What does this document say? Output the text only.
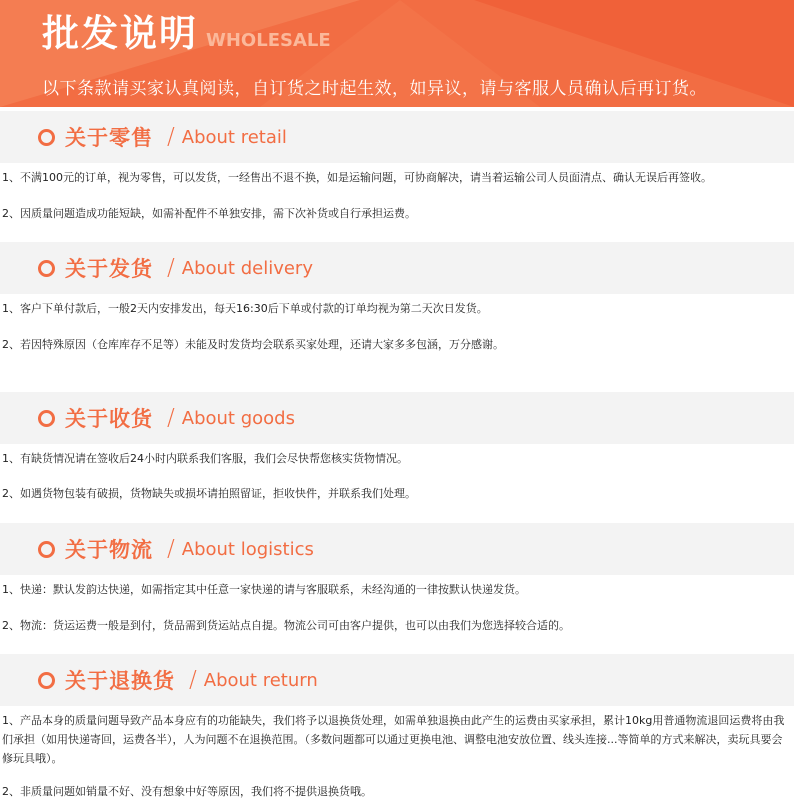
批发说明 WHOLESALE
以下条款请买家认真阅读，自订货之时起生效，如异议，请与客服人员确认后再订货。
关于零售 / About retail
1、不满100元的订单，视为零售，可以发货，一经售出不退不换，如是运输问题，可协商解决，请当着运输公司人员面清点、确认无误后再签收。
2、因质量问题造成功能短缺，如需补配件不单独安排，需下次补货或自行承担运费。
关于发货 / About delivery
1、客户下单付款后，一般2天内安排发出，每天16:30后下单或付款的订单均视为第二天次日发货。
2、若因特殊原因（仓库库存不足等）未能及时发货均会联系买家处理，还请大家多多包涵，万分感谢。
关于收货 / About goods
1、有缺货情况请在签收后24小时内联系我们客服，我们会尽快帮您核实货物情况。
2、如遇货物包装有破损，货物缺失或损坏请拍照留证，拒收快件，并联系我们处理。
关于物流 / About logistics
1、快递：默认发韵达快递，如需指定其中任意一家快递的请与客服联系，未经沟通的一律按默认快递发货。
2、物流：货运运费一般是到付，货品需到货运站点自提。物流公司可由客户提供，也可以由我们为您选择较合适的。
关于退换货 / About return
1、产品本身的质量问题导致产品本身应有的功能缺失，我们将予以退换货处理，如需单独退换由此产生的运费由买家承担，累计10kg用普通物流退回运费将由我们承担（如用快递寄回，运费各半），人为问题不在退换范围。（多数问题都可以通过更换电池、调整电池安放位置、线头连接...等简单的方式来解决，卖玩具要会修玩具哦）。
2、非质量问题如销量不好、没有想象中好等原因，我们将不提供退换货哦。
